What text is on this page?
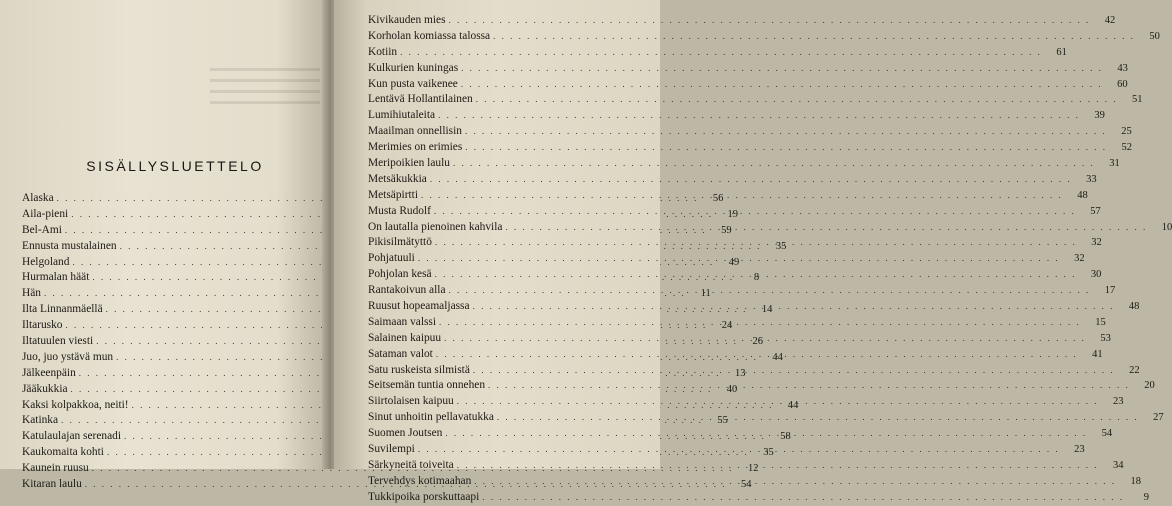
SISÄLLYSLUETTELO
Alaska . . .	56
Aila-pieni . . .	19
Bel-Ami . . .	59
Ennusta mustalainen . . .	35
Helgoland . . .	49
Hurmalan häät . . .	8
Hän . . .	11
Ilta Linnanmäellä . . .	14
Iltarusko . . .	24
Iltatuulen viesti . . .	26
Juo, juo ystävä mun . . .	44
Jälkeenpäin . . .	13
Jääkukkia . . .	40
Kaksi kolpakkoa, neiti! . . .	44
Katinka . . .	55
Katulaulajan serenadi . . .	58
Kaukomaita kohti . . .	35
Kaunein ruusu . . .	12
Kitaran laulu . . .	54
Kivikauden mies . . .	42
Korholan komiassa talossa . . .	50
Kotiin . . .	61
Kulkurien kuningas . . .	43
Kun pusta vaikenee . . .	60
Lentävä Hollantilainen . . .	51
Lumihiutaleita . . .	39
Maailman onnellisin . . .	25
Merimies on erimies . . .	52
Meripoikien laulu . . .	31
Metsäkukkia . . .	33
Metsäpirtti . . .	48
Musta Rudolf . . .	57
On lautalla pienoinen kahvila . . .	10
Pikisilmätyttö . . .	32
Pohjatuuli . . .	32
Pohjolan kesä . . .	30
Rantakoivun alla . . .	17
Ruusut hopeamaljassa . . .	48
Saimaan valssi . . .	15
Salainen kaipuu . . .	53
Sataman valot . . .	41
Satu ruskeista silmistä . . .	22
Seitsemän tuntia onnehen . . .	20
Siirtolaisen kaipuu . . .	23
Sinut unhoitin pellavatukka . . .	27
Suomen Joutsen . . .	54
Suvilempi . . .	23
Särkyneitä toiveita . . .	34
Tervehdys kotimaahan . . .	18
Tukkipoika porskuttaapi . . .	9
